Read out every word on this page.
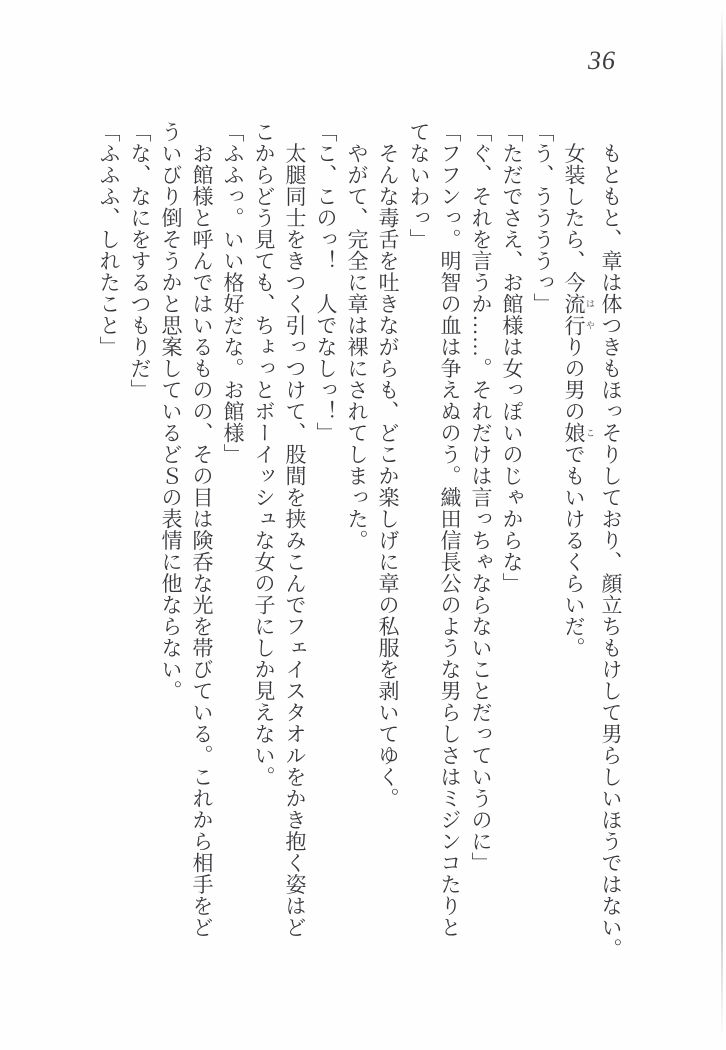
36

　もともと、章は体つきもほっそりしており、顔立ちもけして男らしいほうではない。

　女装したら、今流 は行 やりの男の娘 こでもいけるくらいだ。

「う、ううううっ」

「ただでさえ、お館様は女っぽいのじゃからな」

「ぐ、それを言うか……。それだけは言っちゃならないことだっていうのに」

「フフンっ。明智の血は争えぬのう。織田信長公のような男らしさはミジンコたりと

てないわっ」

　そんな毒舌を吐きながらも、どこか楽しげに章の私服を剥いてゆく。

　やがて、完全に章は裸にされてしまった。

「こ、このっ！　人でなしっ！」

　太腿同士をきつく引っつけて、股間を挟みこんでフェイスタオルをかき抱く姿はど

こからどう見ても、ちょっとボーイッシュな女の子にしか見えない。

「ふふっ。いい格好だな。お館様」

　お館様と呼んではいるものの、その目は険呑な光を帯びている。これから相手をど

ういびり倒そうかと思案しているどＳの表情に他ならない。

「な、なにをするつもりだ」

「ふふふ、しれたこと」
